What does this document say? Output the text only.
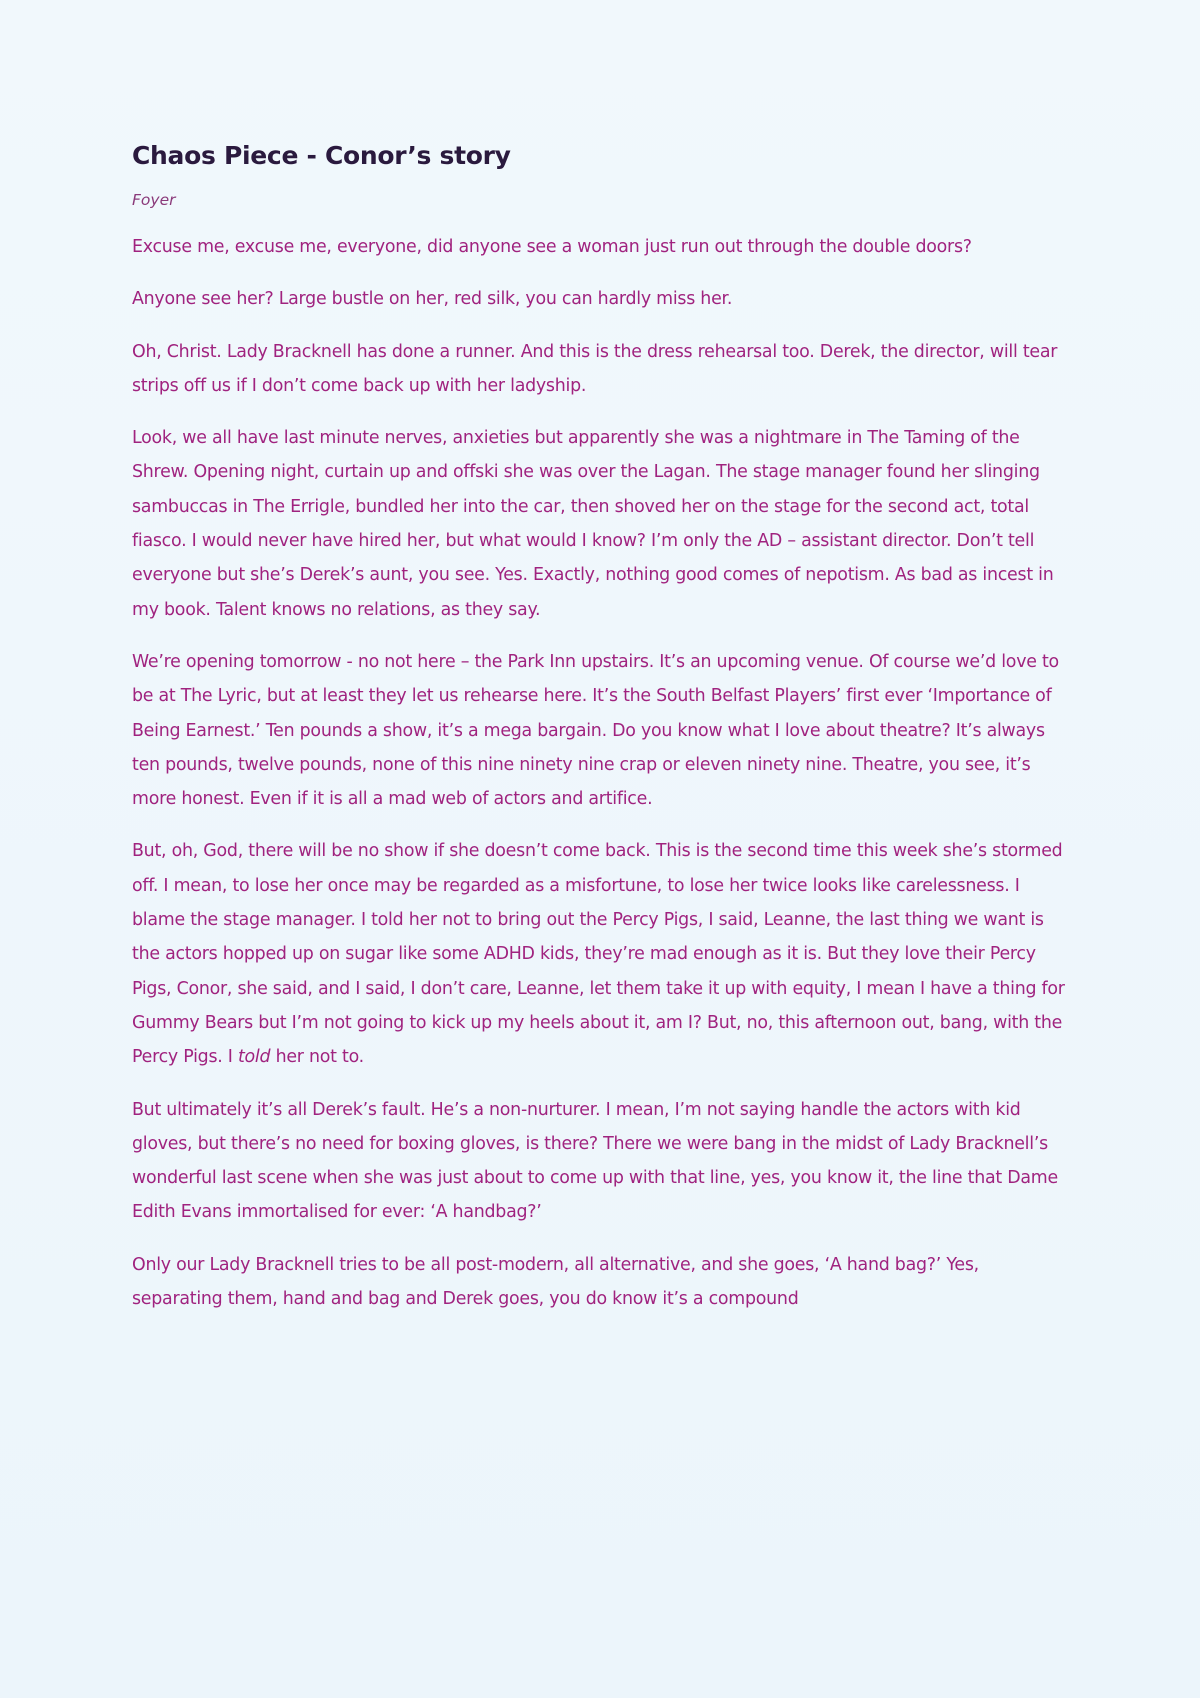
Chaos Piece - Conor’s story

Foyer

Excuse me, excuse me, everyone, did anyone see a woman just run out through the double doors?

Anyone see her? Large bustle on her, red silk, you can hardly miss her.

Oh, Christ. Lady Bracknell has done a runner. And this is the dress rehearsal too. Derek, the director, will tear strips off us if I don’t come back up with her ladyship.

Look, we all have last minute nerves, anxieties but apparently she was a nightmare in The Taming of the Shrew. Opening night, curtain up and offski she was over the Lagan. The stage manager found her slinging sambuccas in The Errigle, bundled her into the car, then shoved her on the stage for the second act, total fiasco. I would never have hired her, but what would I know? I’m only the AD – assistant director. Don’t tell everyone but she’s Derek’s aunt, you see. Yes. Exactly, nothing good comes of nepotism. As bad as incest in my book. Talent knows no relations, as they say.

We’re opening tomorrow - no not here – the Park Inn upstairs. It’s an upcoming venue. Of course we’d love to be at The Lyric, but at least they let us rehearse here. It’s the South Belfast Players’ first ever ‘Importance of Being Earnest.’ Ten pounds a show, it’s a mega bargain. Do you know what I love about theatre? It’s always ten pounds, twelve pounds, none of this nine ninety nine crap or eleven ninety nine. Theatre, you see, it’s more honest. Even if it is all a mad web of actors and artifice.

But, oh, God, there will be no show if she doesn’t come back. This is the second time this week she’s stormed off. I mean, to lose her once may be regarded as a misfortune, to lose her twice looks like carelessness. I blame the stage manager. I told her not to bring out the Percy Pigs, I said, Leanne, the last thing we want is the actors hopped up on sugar like some ADHD kids, they’re mad enough as it is. But they love their Percy Pigs, Conor, she said, and I said, I don’t care, Leanne, let them take it up with equity, I mean I have a thing for Gummy Bears but I’m not going to kick up my heels about it, am I? But, no, this afternoon out, bang, with the Percy Pigs. I told her not to.

But ultimately it’s all Derek’s fault. He’s a non-nurturer. I mean, I’m not saying handle the actors with kid gloves, but there’s no need for boxing gloves, is there? There we were bang in the midst of Lady Bracknell’s wonderful last scene when she was just about to come up with that line, yes, you know it, the line that Dame Edith Evans immortalised for ever: ‘A handbag?’

Only our Lady Bracknell tries to be all post-modern, all alternative, and she goes, ‘A hand bag?’ Yes, separating them, hand and bag and Derek goes, you do know it’s a compound
